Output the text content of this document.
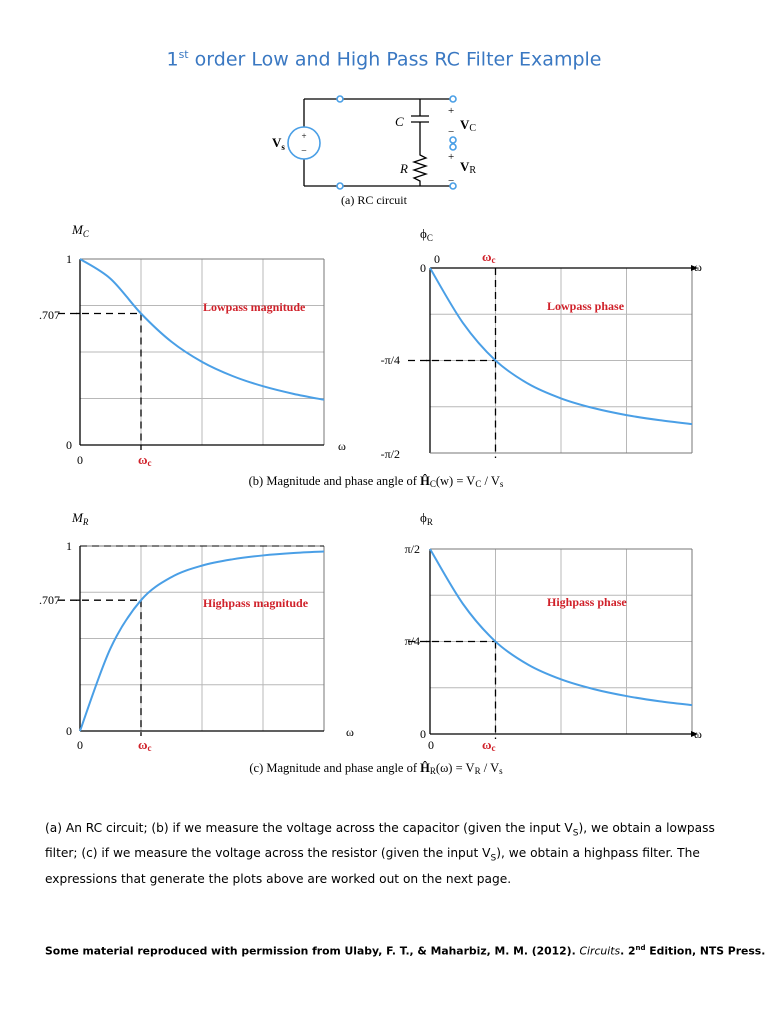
1st order Low and High Pass RC Filter Example
+
−
$V_s$
C
R
+
−
+
−
VC
VR
(a) RC circuit
$M_C$
1
.707
0
0	ωc
ω
Lowpass magnitude
$\phi_C$
0
0	ωc	ω
-π/4
-π/2
Lowpass phase
(b) Magnitude and phase angle of ĤC(w) = VC / Vs
$M_R$
1
.707
0
0	ωc
ω
Highpass magnitude
$\phi_R$
π/2
π/4
0
0	ωc
ω
Highpass phase
(c) Magnitude and phase angle of ĤR(ω) = VR / Vs
(a) An RC circuit; (b) if we measure the voltage across the capacitor (given the input $V_S$), we obtain a lowpass filter; (c) if we measure the voltage across the resistor (given the input $V_S$), we obtain a highpass filter. The expressions that generate the plots above are worked out on the next page.
Some material reproduced with permission from Ulaby, F. T., & Maharbiz, M. M. (2012). Circuits. 2nd Edition, NTS Press.
